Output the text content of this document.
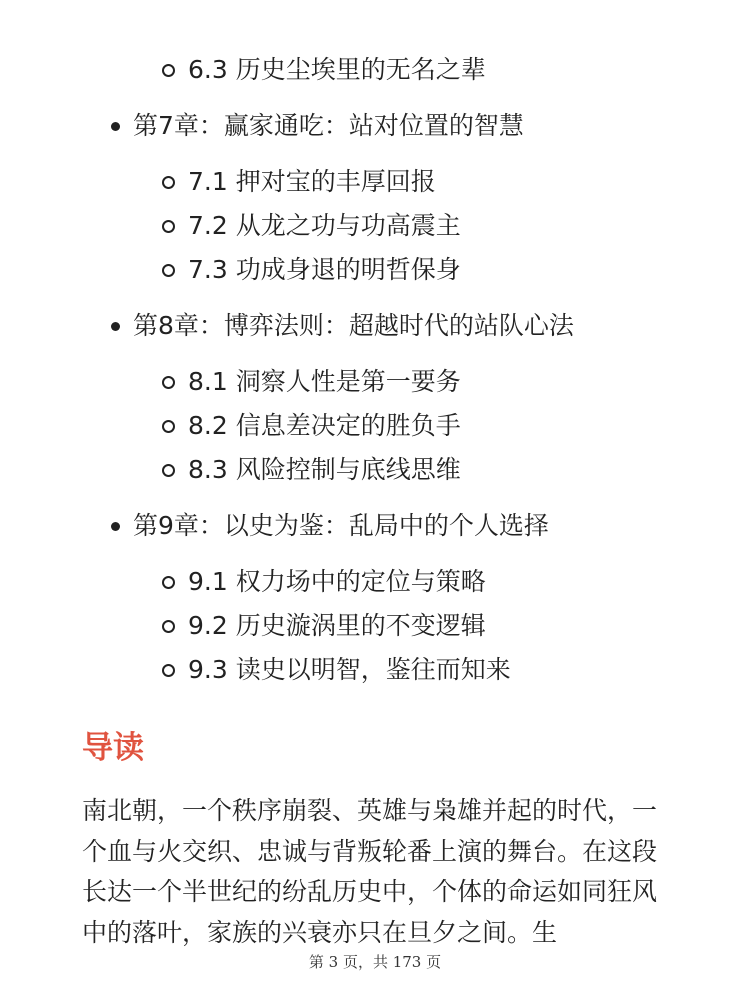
6.3 历史尘埃里的无名之辈
第7章：赢家通吃：站对位置的智慧
7.1 押对宝的丰厚回报
7.2 从龙之功与功高震主
7.3 功成身退的明哲保身
第8章：博弈法则：超越时代的站队心法
8.1 洞察人性是第一要务
8.2 信息差决定的胜负手
8.3 风险控制与底线思维
第9章：以史为鉴：乱局中的个人选择
9.1 权力场中的定位与策略
9.2 历史漩涡里的不变逻辑
9.3 读史以明智，鉴往而知来
导读

南北朝，一个秩序崩裂、英雄与枭雄并起的时代，一个血与火交织、忠诚与背叛轮番上演的舞台。在这段长达一个半世纪的纷乱历史中，个体的命运如同狂风中的落叶，家族的兴衰亦只在旦夕之间。生

第 3 页，共 173 页
